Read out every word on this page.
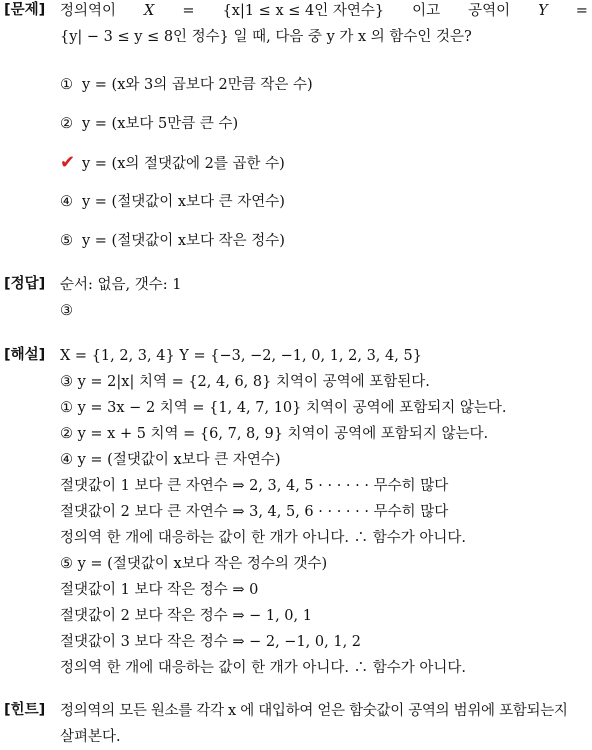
[문제] 정의역이 X = {x|1 ≤ x ≤ 4인 자연수} 이고 공역이 Y =
{y| − 3 ≤ y ≤ 8인 정수} 일 때, 다음 중 y 가 x 의 함수인 것은?
① y = (x와 3의 곱보다 2만큼 작은 수)
② y = (x보다 5만큼 큰 수)
✔ y = (x의 절댓값에 2를 곱한 수)
④ y = (절댓값이 x보다 큰 자연수)
⑤ y = (절댓값이 x보다 작은 정수)
[정답] 순서: 없음, 갯수: 1
③
[해설] X = {1, 2, 3, 4} Y = {−3, −2, −1, 0, 1, 2, 3, 4, 5}
③ y = 2|x| 치역 = {2, 4, 6, 8} 치역이 공역에 포함된다.
① y = 3x − 2 치역 = {1, 4, 7, 10} 치역이 공역에 포함되지 않는다.
② y = x + 5 치역 = {6, 7, 8, 9} 치역이 공역에 포함되지 않는다.
④ y = (절댓값이 x보다 큰 자연수)
절댓값이 1 보다 큰 자연수 ⇒ 2, 3, 4, 5 · · · · · · 무수히 많다
절댓값이 2 보다 큰 자연수 ⇒ 3, 4, 5, 6 · · · · · · 무수히 많다
정의역 한 개에 대응하는 값이 한 개가 아니다. ∴ 함수가 아니다.
⑤ y = (절댓값이 x보다 작은 정수의 갯수)
절댓값이 1 보다 작은 정수 ⇒ 0
절댓값이 2 보다 작은 정수 ⇒ − 1, 0, 1
절댓값이 3 보다 작은 정수 ⇒ − 2, −1, 0, 1, 2
정의역 한 개에 대응하는 값이 한 개가 아니다. ∴ 함수가 아니다.
[힌트] 정의역의 모든 원소를 각각 x 에 대입하여 얻은 함숫값이 공역의 범위에 포함되는지
살펴본다.
